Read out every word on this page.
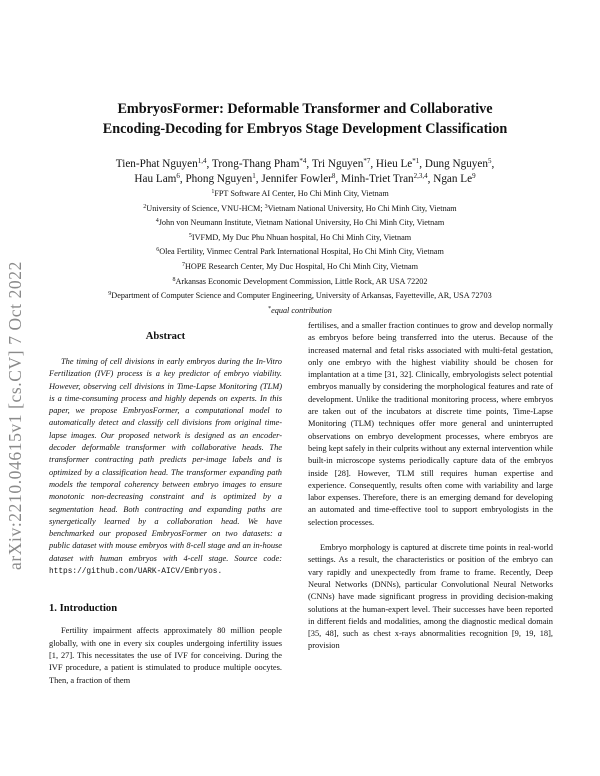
arXiv:2210.04615v1 [cs.CV] 7 Oct 2022
EmbryosFormer: Deformable Transformer and Collaborative
Encoding-Decoding for Embryos Stage Development Classification
Tien-Phat Nguyen$^{1,4}$, Trong-Thang Pham$^{*4}$, Tri Nguyen$^{*7}$, Hieu Le$^{*1}$, Dung Nguyen$^5$,
Hau Lam$^6$, Phong Nguyen$^1$, Jennifer Fowler$^8$, Minh-Triet Tran$^{2,3,4}$, Ngan Le$^9$
$^1$FPT Software AI Center, Ho Chi Minh City, Vietnam
$^2$University of Science, VNU-HCM; $^3$Vietnam National University, Ho Chi Minh City, Vietnam
$^4$John von Neumann Institute, Vietnam National University, Ho Chi Minh City, Vietnam
$^5$IVFMD, My Duc Phu Nhuan hospital, Ho Chi Minh City, Vietnam
$^6$Olea Fertility, Vinmec Central Park International Hospital, Ho Chi Minh City, Vietnam
$^7$HOPE Research Center, My Duc Hospital, Ho Chi Minh City, Vietnam
$^8$Arkansas Economic Development Commission, Little Rock, AR USA 72202
$^9$Department of Computer Science and Computer Engineering, University of Arkansas, Fayetteville, AR, USA 72703
*equal contribution
Abstract

The timing of cell divisions in early embryos during the In-Vitro Fertilization (IVF) process is a key predictor of embryo viability. However, observing cell divisions in Time-Lapse Monitoring (TLM) is a time-consuming process and highly depends on experts. In this paper, we propose EmbryosFormer, a computational model to automatically detect and classify cell divisions from original time-lapse images. Our proposed network is designed as an encoder-decoder deformable transformer with collaborative heads. The transformer contracting path predicts per-image labels and is optimized by a classification head. The transformer expanding path models the temporal coherency between embryo images to ensure monotonic non-decreasing constraint and is optimized by a segmentation head. Both contracting and expanding paths are synergetically learned by a collaboration head. We have benchmarked our proposed EmbryosFormer on two datasets: a public dataset with mouse embryos with 8-cell stage and an in-house dataset with human embryos with 4-cell stage. Source code: https://github.com/UARK-AICV/Embryos.

1. Introduction

Fertility impairment affects approximately 80 million people globally, with one in every six couples undergoing infertility issues [1, 27]. This necessitates the use of IVF for conceiving. During the IVF procedure, a patient is stimulated to produce multiple oocytes. Then, a fraction of them

fertilises, and a smaller fraction continues to grow and develop normally as embryos before being transferred into the uterus. Because of the increased maternal and fetal risks associated with multi-fetal gestation, only one embryo with the highest viability should be chosen for implantation at a time [31, 32]. Clinically, embryologists select potential embryos manually by considering the morphological features and rate of development. Unlike the traditional monitoring process, where embryos are taken out of the incubators at discrete time points, Time-Lapse Monitoring (TLM) techniques offer more general and uninterrupted observations on embryo development processes, where embryos are being kept safely in their culprits without any external intervention while built-in microscope systems periodically capture data of the embryos inside [28]. However, TLM still requires human expertise and experience. Consequently, results often come with variability and large labor expenses. Therefore, there is an emerging demand for developing an automated and time-effective tool to support embryologists in the selection processes.

Embryo morphology is captured at discrete time points in real-world settings. As a result, the characteristics or position of the embryo can vary rapidly and unexpectedly from frame to frame. Recently, Deep Neural Networks (DNNs), particular Convolutional Neural Networks (CNNs) have made significant progress in providing decision-making solutions at the human-expert level. Their successes have been reported in different fields and modalities, among the diagnostic medical domain [35, 48], such as chest x-rays abnormalities recognition [9, 19, 18], provision
